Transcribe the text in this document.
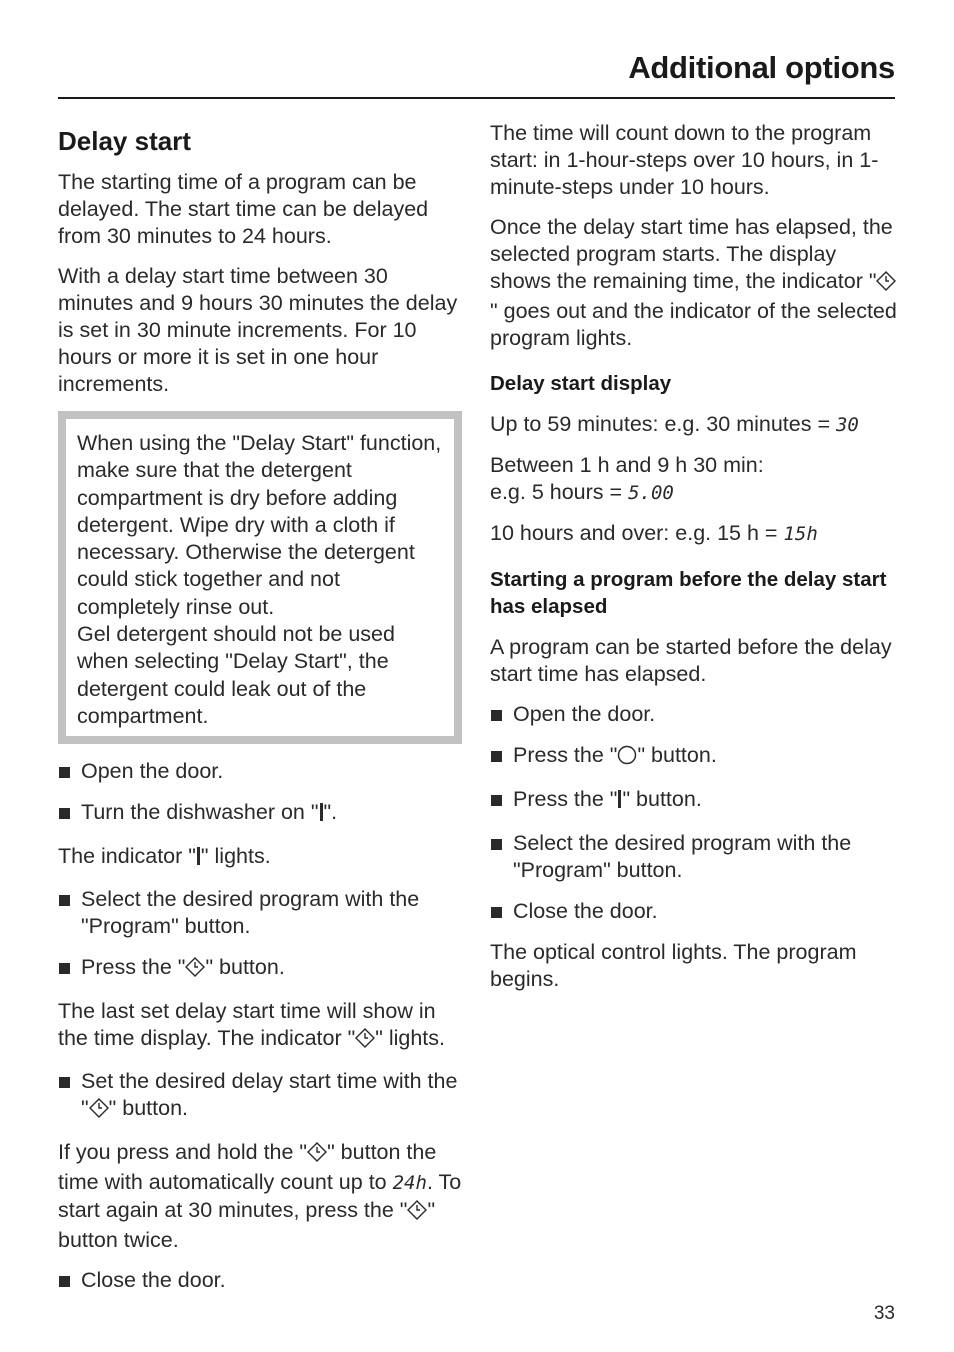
Additional options
Delay start

The starting time of a program can be delayed. The start time can be delayed from 30 minutes to 24 hours.

With a delay start time between 30 minutes and 9 hours 30 minutes the delay is set in 30 minute increments. For 10 hours or more it is set in one hour increments.

When using the "Delay Start" function, make sure that the detergent compartment is dry before adding detergent. Wipe dry with a cloth if necessary. Otherwise the detergent could stick together and not completely rinse out.
Gel detergent should not be used when selecting "Delay Start", the detergent could leak out of the compartment.
Open the door.
Turn the dishwasher on " ".

The indicator " " lights.

Select the desired program with the "Program" button.
Press the " " button.

The last set delay start time will show in the time display. The indicator " " lights.

Set the desired delay start time with the " " button.

If you press and hold the " " button the time with automatically count up to 24h. To start again at 30 minutes, press the " " button twice.

Close the door.

The time will count down to the program start: in 1-hour-steps over 10 hours, in 1-minute-steps under 10 hours.

Once the delay start time has elapsed, the selected program starts. The display shows the remaining time, the indicator "" goes out and the indicator of the selected program lights.

Delay start display

Up to 59 minutes: e.g. 30 minutes = 30

Between 1 h and 9 h 30 min:
e.g. 5 hours = 5.00

10 hours and over: e.g. 15 h = 15h

Starting a program before the delay start has elapsed

A program can be started before the delay start time has elapsed.

Open the door.
Press the " " button.
Press the " " button.
Select the desired program with the "Program" button.
Close the door.

The optical control lights. The program begins.

33
